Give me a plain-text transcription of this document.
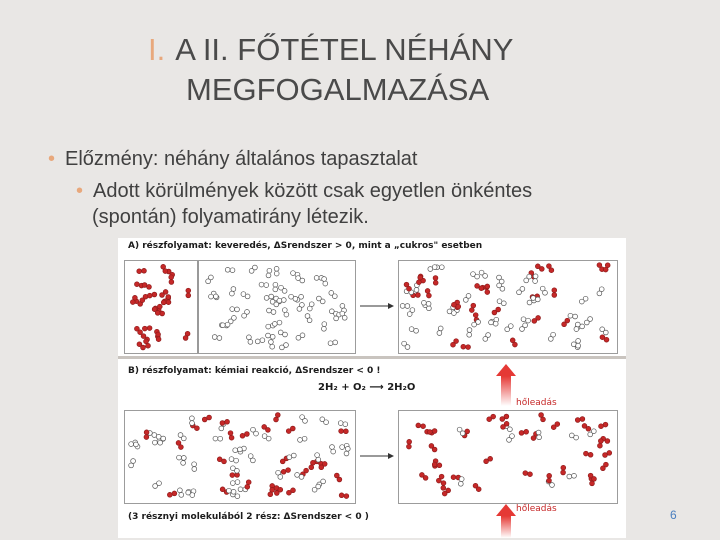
I. A II. FŐTÉTEL NÉHÁNY
MEGFOGALMAZÁSA
• Előzmény: néhány általános tapasztalat
• Adott körülmények között csak egyetlen önkéntes
(spontán) folyamatirány létezik.
A) részfolyamat: keveredés, ΔSrendszer > 0, mint a „cukros" esetben
B) részfolyamat: kémiai reakció, ΔSrendszer < 0 !
2H₂ + O₂ ⟶ 2H₂O
hőleadás
(3 résznyi molekulából 2 rész: ΔSrendszer < 0 )
hőleadás	6
